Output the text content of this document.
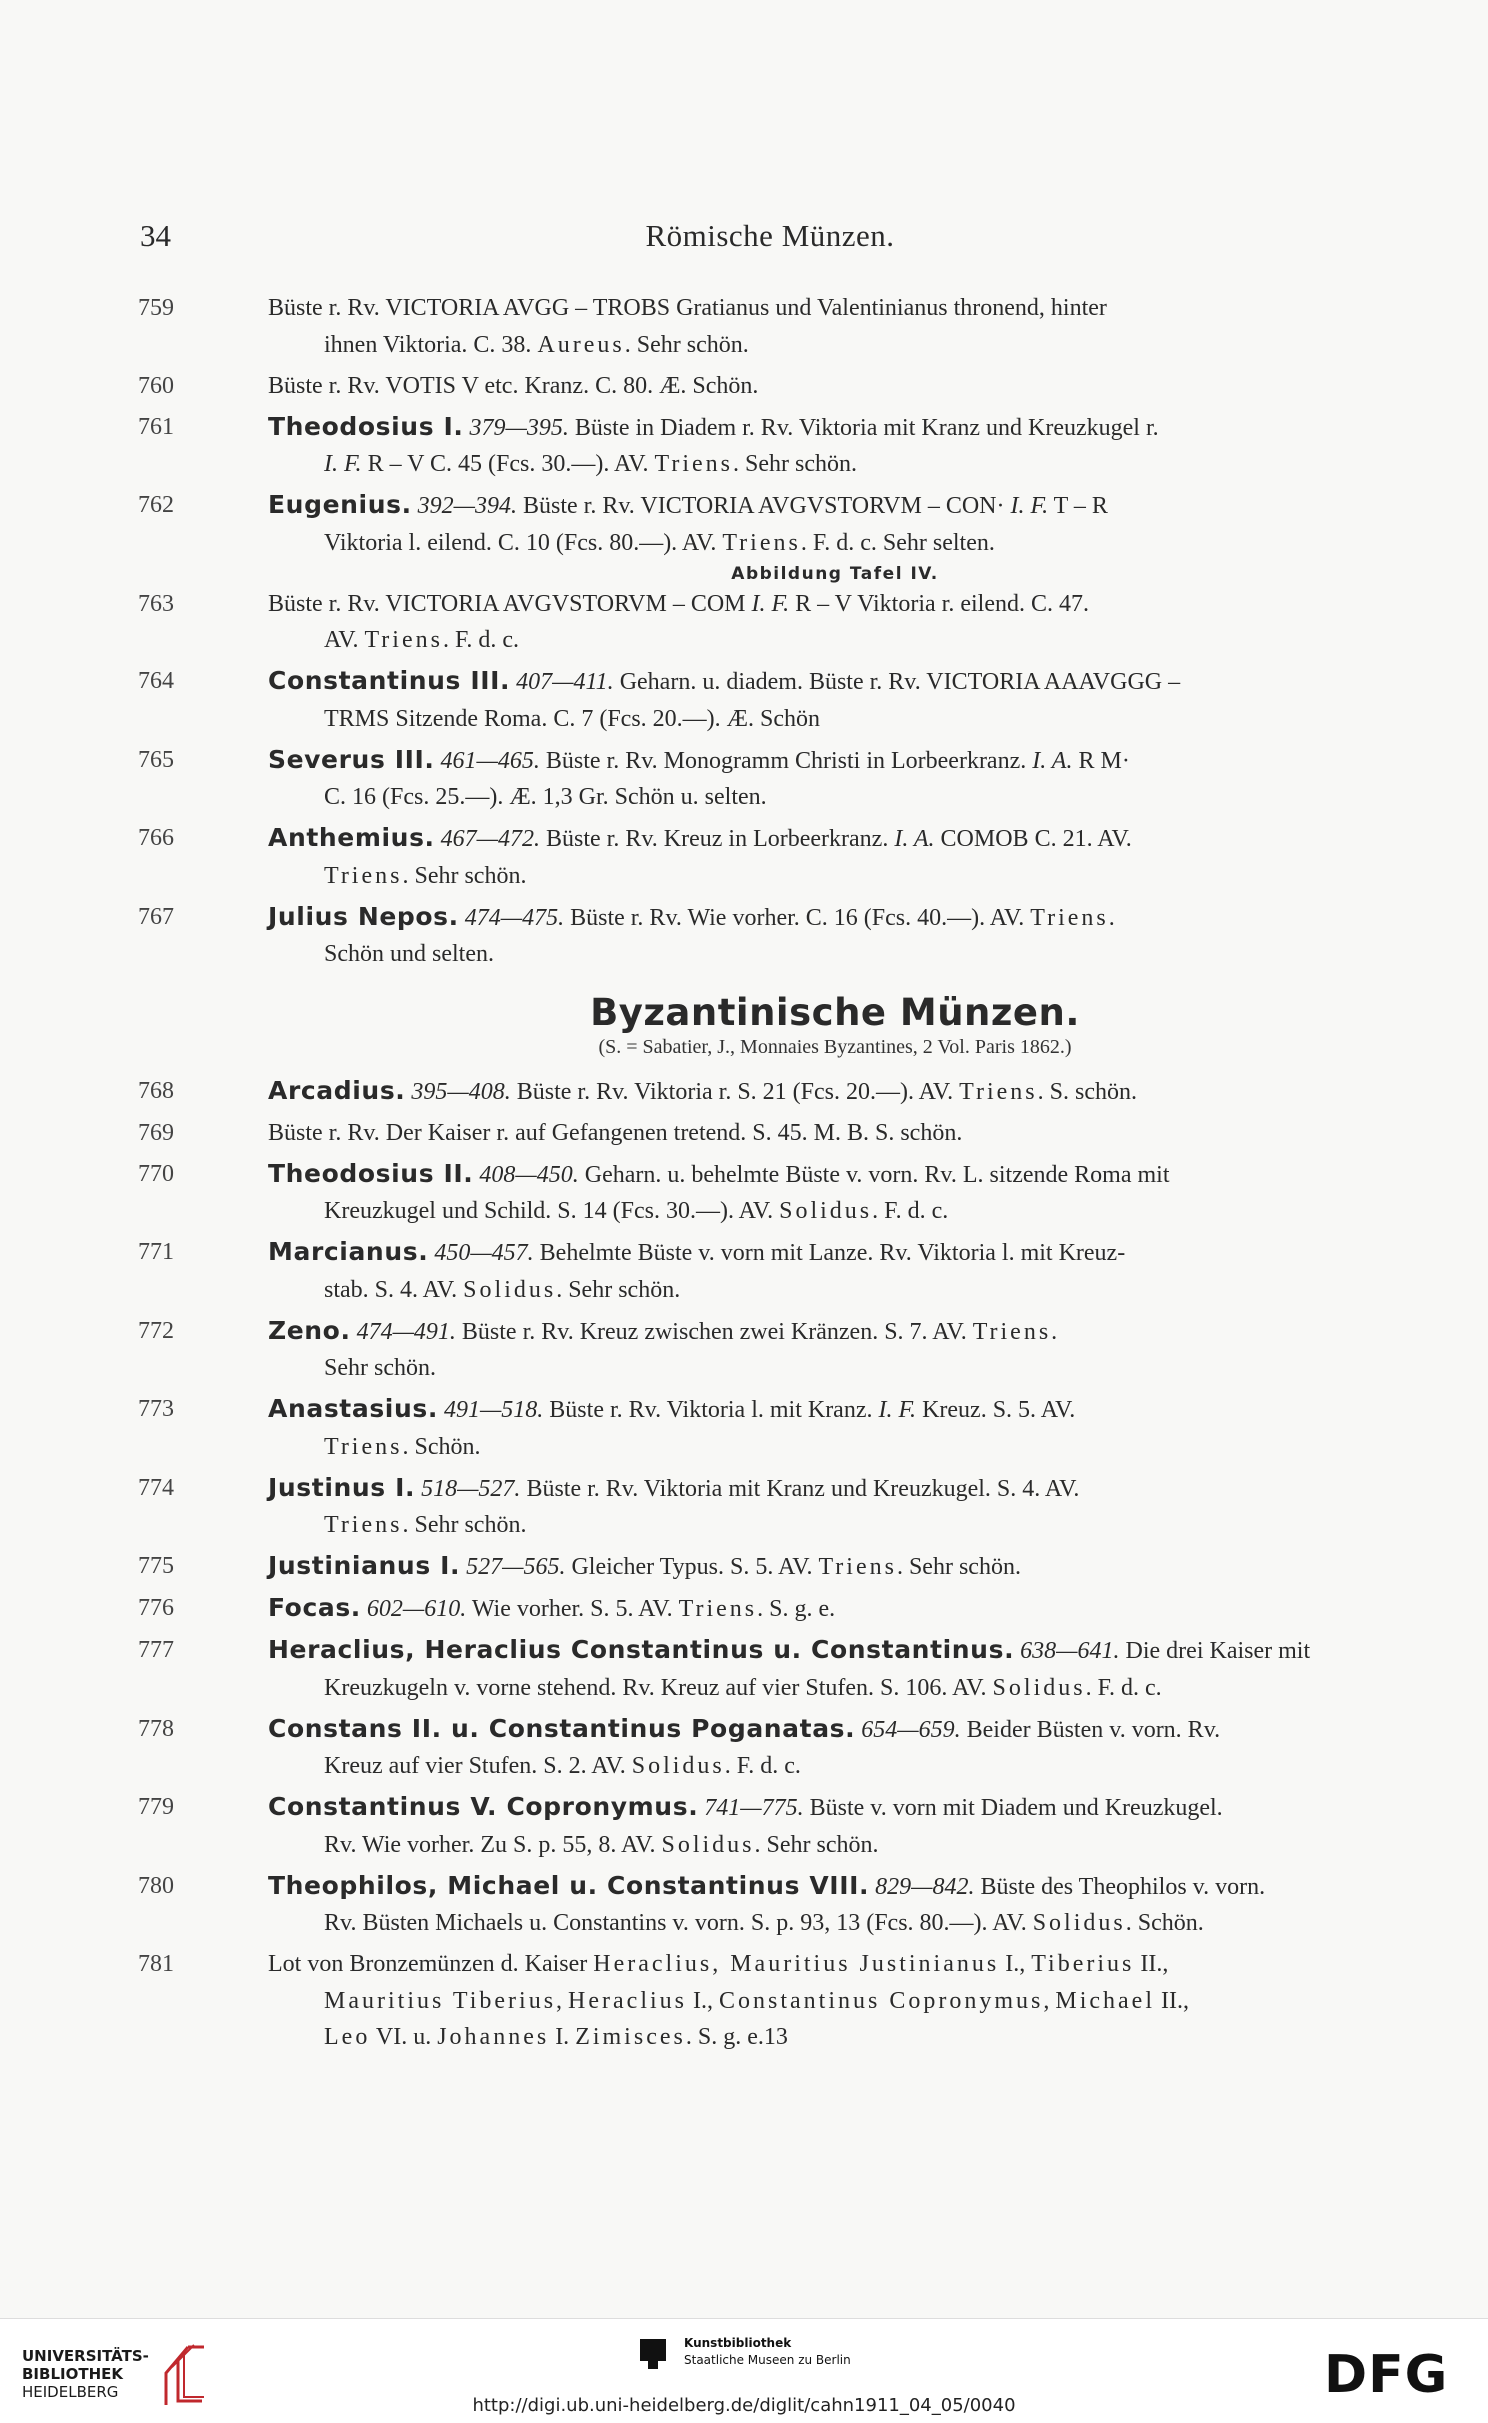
34	Römische Münzen.
759	Büste r. Rv. VICTORIA AVGG – TROBS Gratianus und Valentinianus thronend, hinter
ihnen Viktoria. C. 38. Aureus. Sehr schön.
760	Büste r. Rv. VOTIS V etc. Kranz. C. 80. Æ. Schön.
761	Theodosius I. 379—395. Büste in Diadem r. Rv. Viktoria mit Kranz und Kreuzkugel r.
I. F. R – V C. 45 (Fcs. 30.—). AV. Triens. Sehr schön.
762	Eugenius. 392—394. Büste r. Rv. VICTORIA AVGVSTORVM – CON· I. F. T – R
Viktoria l. eilend. C. 10 (Fcs. 80.—). AV. Triens. F. d. c. Sehr selten.
Abbildung Tafel IV.
763	Büste r. Rv. VICTORIA AVGVSTORVM – COM I. F. R – V Viktoria r. eilend. C. 47.
AV. Triens. F. d. c.
764	Constantinus III. 407—411. Geharn. u. diadem. Büste r. Rv. VICTORIA AAAVGGG –
TRMS Sitzende Roma. C. 7 (Fcs. 20.—). Æ. Schön
765	Severus III. 461—465. Büste r. Rv. Monogramm Christi in Lorbeerkranz. I. A. R M·
C. 16 (Fcs. 25.—). Æ. 1,3 Gr. Schön u. selten.
766	Anthemius. 467—472. Büste r. Rv. Kreuz in Lorbeerkranz. I. A. COMOB C. 21. AV.
Triens. Sehr schön.
767	Julius Nepos. 474—475. Büste r. Rv. Wie vorher. C. 16 (Fcs. 40.—). AV. Triens.
Schön und selten.
Byzantinische Münzen.
(S. = Sabatier, J., Monnaies Byzantines, 2 Vol. Paris 1862.)
768	Arcadius. 395—408. Büste r. Rv. Viktoria r. S. 21 (Fcs. 20.—). AV. Triens. S. schön.
769	Büste r. Rv. Der Kaiser r. auf Gefangenen tretend. S. 45. M. B. S. schön.
770	Theodosius II. 408—450. Geharn. u. behelmte Büste v. vorn. Rv. L. sitzende Roma mit
Kreuzkugel und Schild. S. 14 (Fcs. 30.—). AV. Solidus. F. d. c.
771	Marcianus. 450—457. Behelmte Büste v. vorn mit Lanze. Rv. Viktoria l. mit Kreuz-
stab. S. 4. AV. Solidus. Sehr schön.
772	Zeno. 474—491. Büste r. Rv. Kreuz zwischen zwei Kränzen. S. 7. AV. Triens.
Sehr schön.
773	Anastasius. 491—518. Büste r. Rv. Viktoria l. mit Kranz. I. F. Kreuz. S. 5. AV.
Triens. Schön.
774	Justinus I. 518—527. Büste r. Rv. Viktoria mit Kranz und Kreuzkugel. S. 4. AV.
Triens. Sehr schön.
775	Justinianus I. 527—565. Gleicher Typus. S. 5. AV. Triens. Sehr schön.
776	Focas. 602—610. Wie vorher. S. 5. AV. Triens. S. g. e.
777	Heraclius, Heraclius Constantinus u. Constantinus. 638—641. Die drei Kaiser mit
Kreuzkugeln v. vorne stehend. Rv. Kreuz auf vier Stufen. S. 106. AV. Solidus. F. d. c.
778	Constans II. u. Constantinus Poganatas. 654—659. Beider Büsten v. vorn. Rv.
Kreuz auf vier Stufen. S. 2. AV. Solidus. F. d. c.
779	Constantinus V. Copronymus. 741—775. Büste v. vorn mit Diadem und Kreuzkugel.
Rv. Wie vorher. Zu S. p. 55, 8. AV. Solidus. Sehr schön.
780	Theophilos, Michael u. Constantinus VIII. 829—842. Büste des Theophilos v. vorn.
Rv. Büsten Michaels u. Constantins v. vorn. S. p. 93, 13 (Fcs. 80.—). AV. Solidus. Schön.
781	Lot von Bronzemünzen d. Kaiser Heraclius, Mauritius Justinianus I., Tiberius II.,
Mauritius Tiberius, Heraclius I., Constantinus Copronymus, Michael II.,
Leo VI. u. Johannes I. Zimisces. S. g. e.13
UNIVERSITÄTS-
BIBLIOTHEK
HEIDELBERG
Kunstbibliothek
Staatliche Museen zu Berlin	DFG
http://digi.ub.uni-heidelberg.de/diglit/cahn1911_04_05/0040
